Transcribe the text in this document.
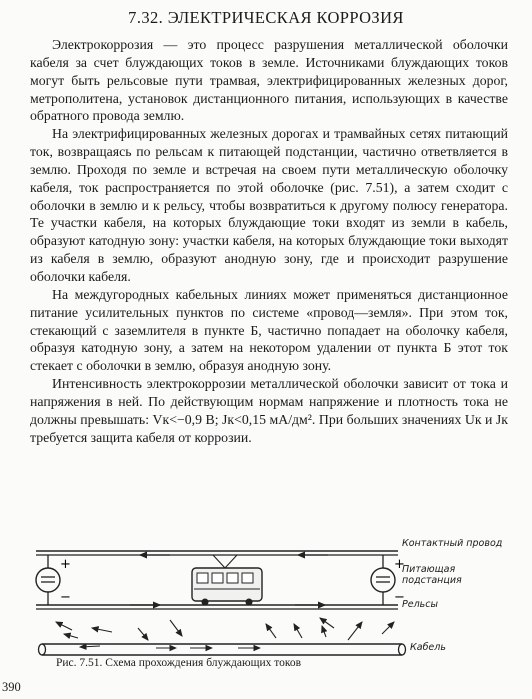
7.32. ЭЛЕКТРИЧЕСКАЯ КОРРОЗИЯ

Электрокоррозия — это процесс разрушения металлической оболочки кабеля за счет блуждающих токов в земле. Источниками блуждающих токов могут быть рельсовые пути трамвая, электрифицированных железных дорог, метрополитена, установок дистанционного питания, использующих в качестве обратного провода землю.

На электрифицированных железных дорогах и трамвайных сетях питающий ток, возвращаясь по рельсам к питающей подстанции, частично ответвляется в землю. Проходя по земле и встречая на своем пути металлическую оболочку кабеля, ток распространяется по этой оболочке (рис. 7.51), а затем сходит с оболочки в землю и к рельсу, чтобы возвратиться к другому полюсу генератора. Те участки кабеля, на которых блуждающие токи входят из земли в кабель, образуют катодную зону: участки кабеля, на которых блуждающие токи выходят из кабеля в землю, образуют анодную зону, где и происходит разрушение оболочки кабеля.

На междугородных кабельных линиях может применяться дистанционное питание усилительных пунктов по системе «провод—земля». При этом ток, стекающий с заземлителя в пункте Б, частично попадает на оболочку кабеля, образуя катодную зону, а затем на некотором удалении от пункта Б этот ток стекает с оболочки в землю, образуя анодную зону.

Интенсивность электрокоррозии металлической оболочки зависит от тока и напряжения в ней. По действующим нормам напряжение и плотность тока не должны превышать: Vк<−0,9 В; Jк<0,15 мА/дм². При больших значениях Uк и Jк требуется защита кабеля от коррозии.

+
−
+
−
Контактный провод
Питающая подстанция
Рельсы
Кабель
Рис. 7.51. Схема прохождения блуждающих токов
390
